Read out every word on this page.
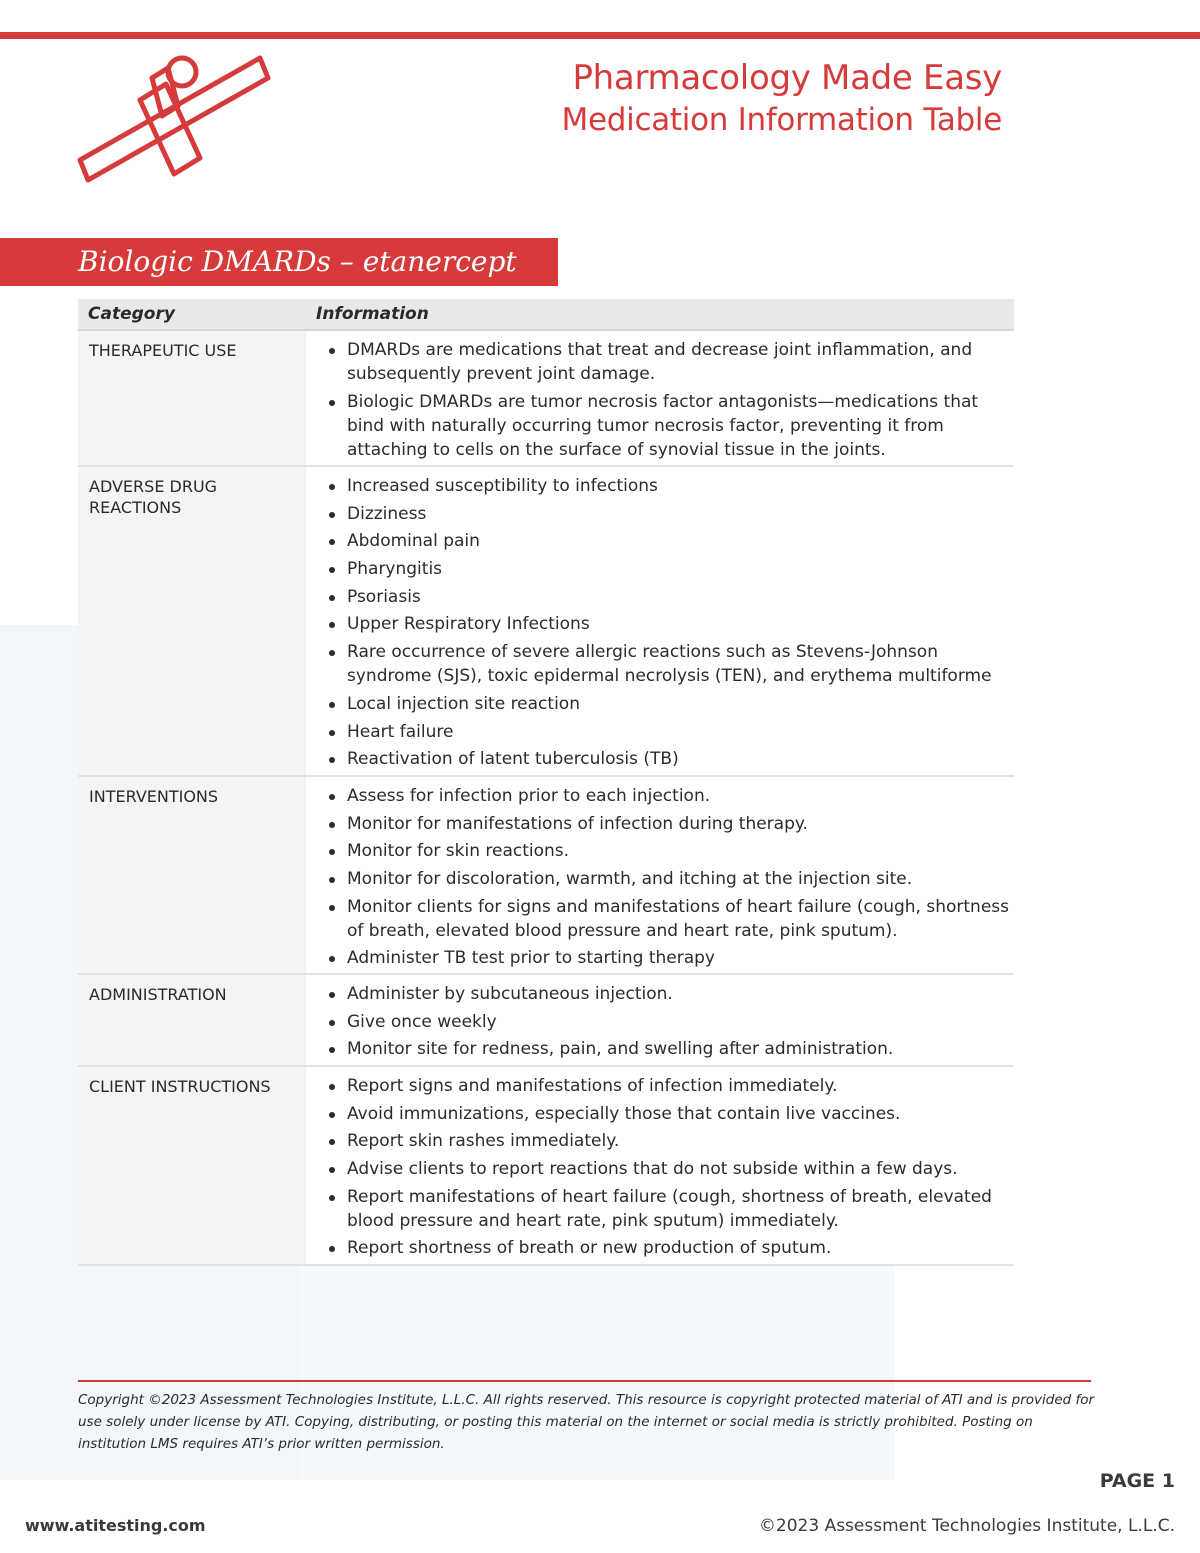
Pharmacology Made Easy
Medication Information Table
Biologic DMARDs – etanercept
Category	Information
THERAPEUTIC USE	DMARDs are medications that treat and decrease joint inflammation, and subsequently prevent joint damage.
Biologic DMARDs are tumor necrosis factor antagonists—medications that bind with naturally occurring tumor necrosis factor, preventing it from attaching to cells on the surface of synovial tissue in the joints.
ADVERSE DRUG REACTIONS
Increased susceptibility to infections
Dizziness
Abdominal pain
Pharyngitis
Psoriasis
Upper Respiratory Infections
Rare occurrence of severe allergic reactions such as Stevens-Johnson syndrome (SJS), toxic epidermal necrolysis (TEN), and erythema multiforme
Local injection site reaction
Heart failure
Reactivation of latent tuberculosis (TB)
INTERVENTIONS	Assess for infection prior to each injection.
Monitor for manifestations of infection during therapy.
Monitor for skin reactions.
Monitor for discoloration, warmth, and itching at the injection site.
Monitor clients for signs and manifestations of heart failure (cough, shortness of breath, elevated blood pressure and heart rate, pink sputum).
Administer TB test prior to starting therapy
ADMINISTRATION	Administer by subcutaneous injection.
Give once weekly
Monitor site for redness, pain, and swelling after administration.
CLIENT INSTRUCTIONS	Report signs and manifestations of infection immediately.
Avoid immunizations, especially those that contain live vaccines.
Report skin rashes immediately.
Advise clients to report reactions that do not subside within a few days.
Report manifestations of heart failure (cough, shortness of breath, elevated blood pressure and heart rate, pink sputum) immediately.
Report shortness of breath or new production of sputum.
Copyright ©2023 Assessment Technologies Institute, L.L.C. All rights reserved. This resource is copyright protected material of ATI and is provided for use solely under license by ATI. Copying, distributing, or posting this material on the internet or social media is strictly prohibited. Posting on institution LMS requires ATI’s prior written permission.
PAGE 1
www.atitesting.com	©2023 Assessment Technologies Institute, L.L.C.
